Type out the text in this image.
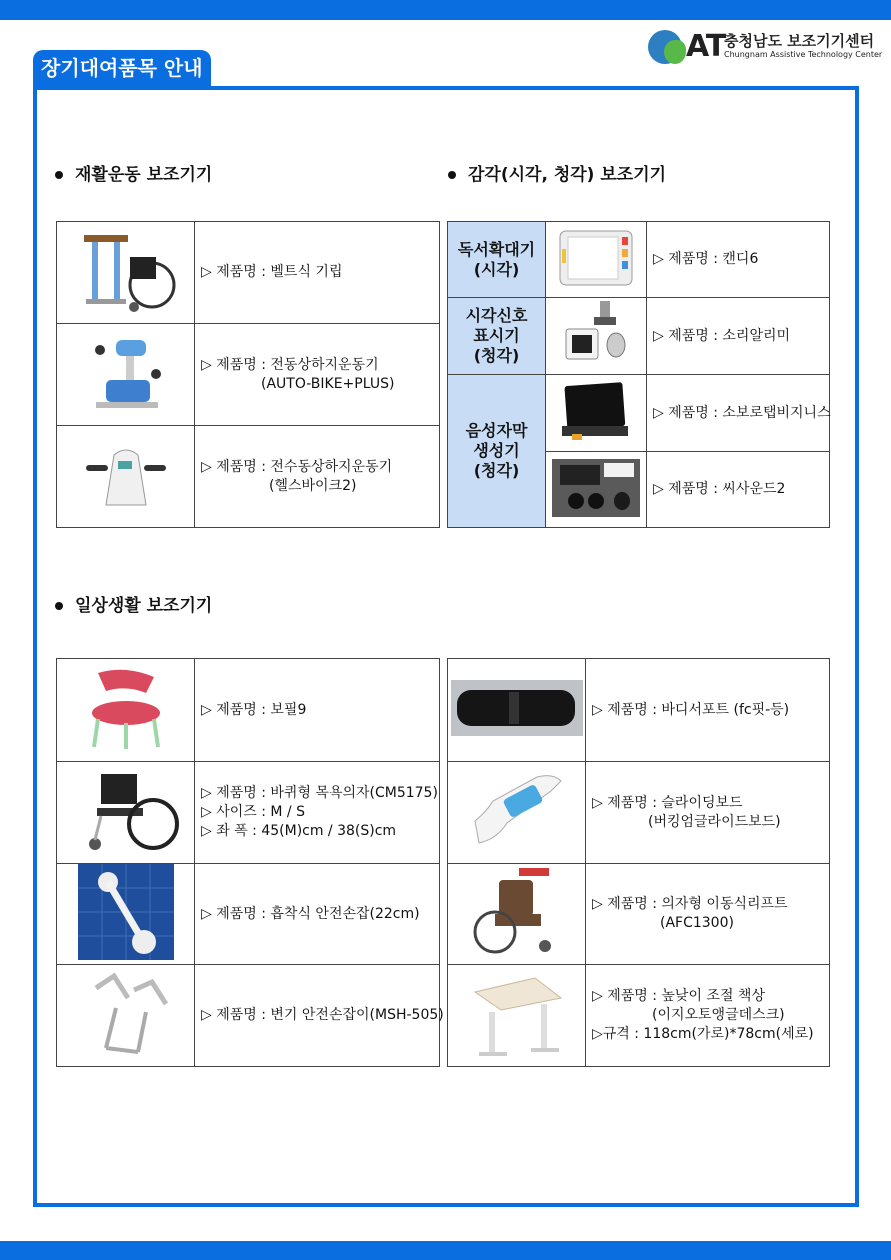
장기대여품목 안내
AT
충청남도 보조기기센터
Chungnam Assistive Technology Center
재활운동 보조기기	감각(시각, 청각) 보조기기
일상생활 보조기기

▷ 제품명 : 벨트식 기립

▷ 제품명 : 전동상하지운동기
(AUTO-BIKE+PLUS)

▷ 제품명 : 전수동상하지운동기
(헬스바이크2)
독서확대기
(시각)		▷ 제품명 : 캔디6

시각신호
표시기
(청각)		▷ 제품명 : 소리알리미

음성자막
생성기
(청각)		▷ 제품명 : 소보로탭비지니스

▷ 제품명 : 씨사운드2

▷ 제품명 : 보필9

▷ 제품명 : 바퀴형 목욕의자(CM5175)
▷ 사이즈 : M / S
▷ 좌 폭 : 45(M)cm / 38(S)cm

▷ 제품명 : 흡착식 안전손잡(22cm)

▷ 제품명 : 변기 안전손잡이(MSH-505)

▷ 제품명 : 바디서포트 (fc핏-등)

▷ 제품명 : 슬라이딩보드
(버킹엄글라이드보드)

▷ 제품명 : 의자형 이동식리프트
(AFC1300)

▷ 제품명 : 높낮이 조절 책상
(이지오토앵글데스크)
▷규격 : 118cm(가로)*78cm(세로)
